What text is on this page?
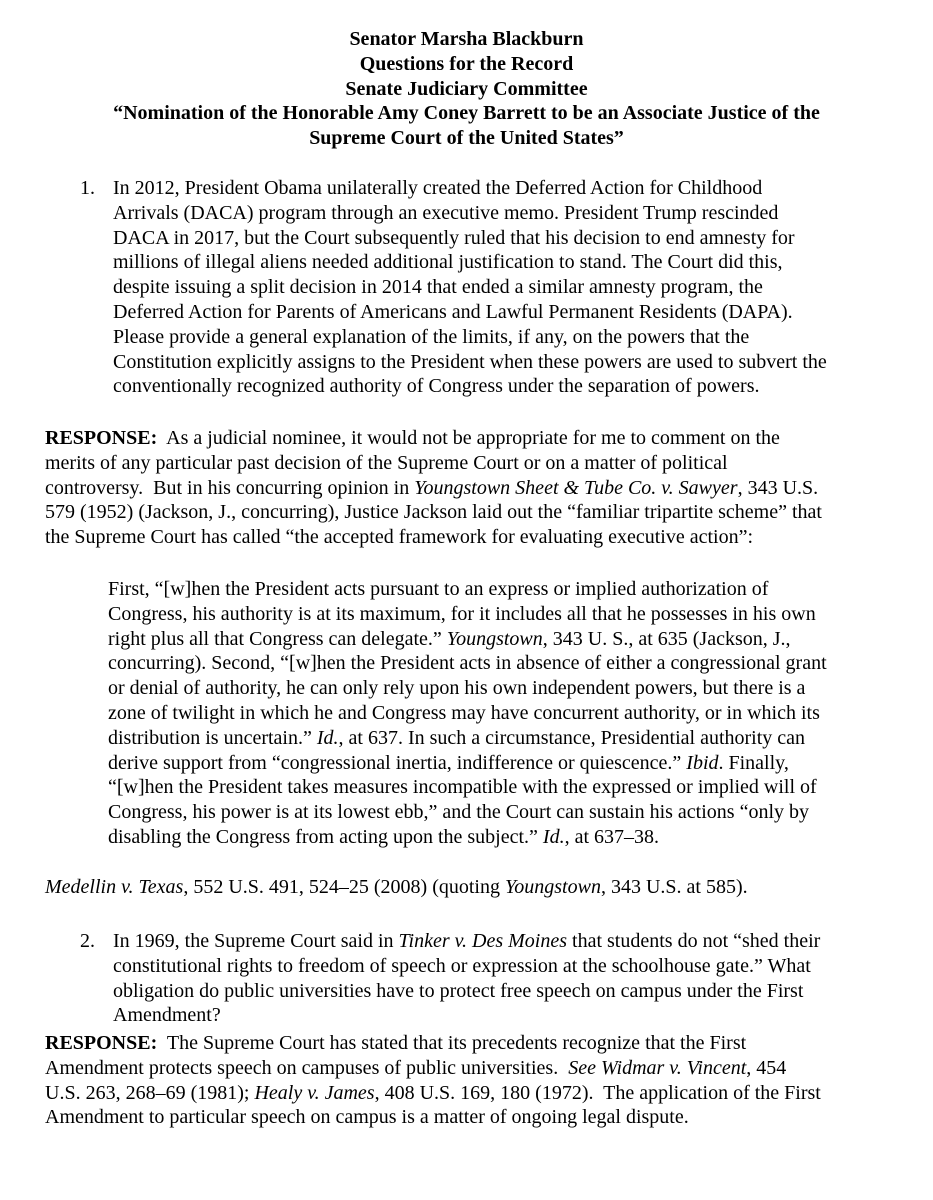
Senator Marsha Blackburn
Questions for the Record
Senate Judiciary Committee
“Nomination of the Honorable Amy Coney Barrett to be an Associate Justice of the
Supreme Court of the United States”
1. In 2012, President Obama unilaterally created the Deferred Action for Childhood
Arrivals (DACA) program through an executive memo. President Trump rescinded
DACA in 2017, but the Court subsequently ruled that his decision to end amnesty for
millions of illegal aliens needed additional justification to stand. The Court did this,
despite issuing a split decision in 2014 that ended a similar amnesty program, the
Deferred Action for Parents of Americans and Lawful Permanent Residents (DAPA).
Please provide a general explanation of the limits, if any, on the powers that the
Constitution explicitly assigns to the President when these powers are used to subvert the
conventionally recognized authority of Congress under the separation of powers.
RESPONSE:  As a judicial nominee, it would not be appropriate for me to comment on the
merits of any particular past decision of the Supreme Court or on a matter of political
controversy.  But in his concurring opinion in Youngstown Sheet & Tube Co. v. Sawyer, 343 U.S.
579 (1952) (Jackson, J., concurring), Justice Jackson laid out the “familiar tripartite scheme” that
the Supreme Court has called “the accepted framework for evaluating executive action”:
First, “[w]hen the President acts pursuant to an express or implied authorization of
Congress, his authority is at its maximum, for it includes all that he possesses in his own
right plus all that Congress can delegate.” Youngstown, 343 U. S., at 635 (Jackson, J.,
concurring). Second, “[w]hen the President acts in absence of either a congressional grant
or denial of authority, he can only rely upon his own independent powers, but there is a
zone of twilight in which he and Congress may have concurrent authority, or in which its
distribution is uncertain.” Id., at 637. In such a circumstance, Presidential authority can
derive support from “congressional inertia, indifference or quiescence.” Ibid. Finally,
“[w]hen the President takes measures incompatible with the expressed or implied will of
Congress, his power is at its lowest ebb,” and the Court can sustain his actions “only by
disabling the Congress from acting upon the subject.” Id., at 637–38.
Medellin v. Texas, 552 U.S. 491, 524–25 (2008) (quoting Youngstown, 343 U.S. at 585).
2. In 1969, the Supreme Court said in Tinker v. Des Moines that students do not “shed their
constitutional rights to freedom of speech or expression at the schoolhouse gate.” What
obligation do public universities have to protect free speech on campus under the First
Amendment?
RESPONSE:  The Supreme Court has stated that its precedents recognize that the First
Amendment protects speech on campuses of public universities.  See Widmar v. Vincent, 454
U.S. 263, 268–69 (1981); Healy v. James, 408 U.S. 169, 180 (1972).  The application of the First
Amendment to particular speech on campus is a matter of ongoing legal dispute.
